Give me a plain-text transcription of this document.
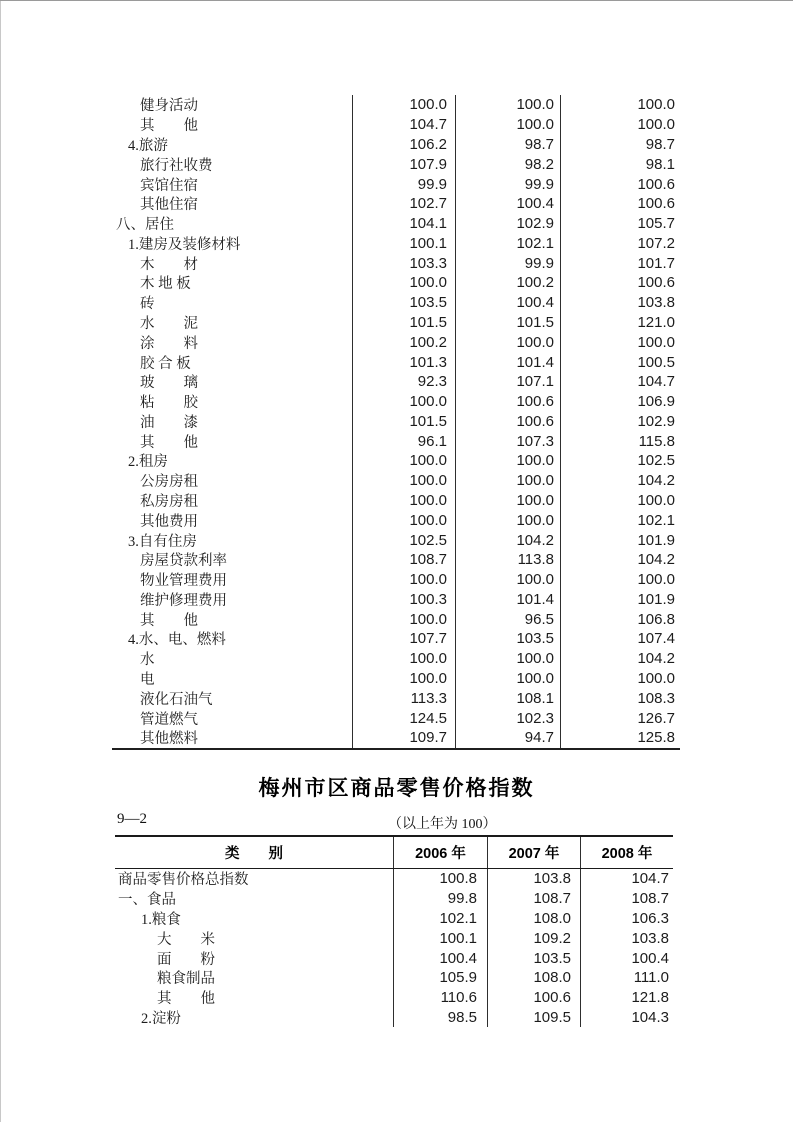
健身活动	100.0	100.0	100.0
其　　他	104.7	100.0	100.0
4.旅游	106.2	98.7	98.7
旅行社收费	107.9	98.2	98.1
宾馆住宿	99.9	99.9	100.6
其他住宿	102.7	100.4	100.6
八、居住	104.1	102.9	105.7
1.建房及装修材料	100.1	102.1	107.2
木　　材	103.3	99.9	101.7
木 地 板	100.0	100.2	100.6
砖	103.5	100.4	103.8
水　　泥	101.5	101.5	121.0
涂　　料	100.2	100.0	100.0
胶 合 板	101.3	101.4	100.5
玻　　璃	92.3	107.1	104.7
粘　　胶	100.0	100.6	106.9
油　　漆	101.5	100.6	102.9
其　　他	96.1	107.3	115.8
2.租房	100.0	100.0	102.5
公房房租	100.0	100.0	104.2
私房房租	100.0	100.0	100.0
其他费用	100.0	100.0	102.1
3.自有住房	102.5	104.2	101.9
房屋贷款利率	108.7	113.8	104.2
物业管理费用	100.0	100.0	100.0
维护修理费用	100.3	101.4	101.9
其　　他	100.0	96.5	106.8
4.水、电、燃料	107.7	103.5	107.4
水	100.0	100.0	104.2
电	100.0	100.0	100.0
液化石油气	113.3	108.1	108.3
管道燃气	124.5	102.3	126.7
其他燃料	109.7	94.7	125.8
梅州市区商品零售价格指数
9—2	（以上年为 100）
类　　别	2006 年	2007 年	2008 年
商品零售价格总指数	100.8	103.8	104.7
一、食品	99.8	108.7	108.7
1.粮食	102.1	108.0	106.3
大　　米	100.1	109.2	103.8
面　　粉	100.4	103.5	100.4
粮食制品	105.9	108.0	111.0
其　　他	110.6	100.6	121.8
2.淀粉	98.5	109.5	104.3
